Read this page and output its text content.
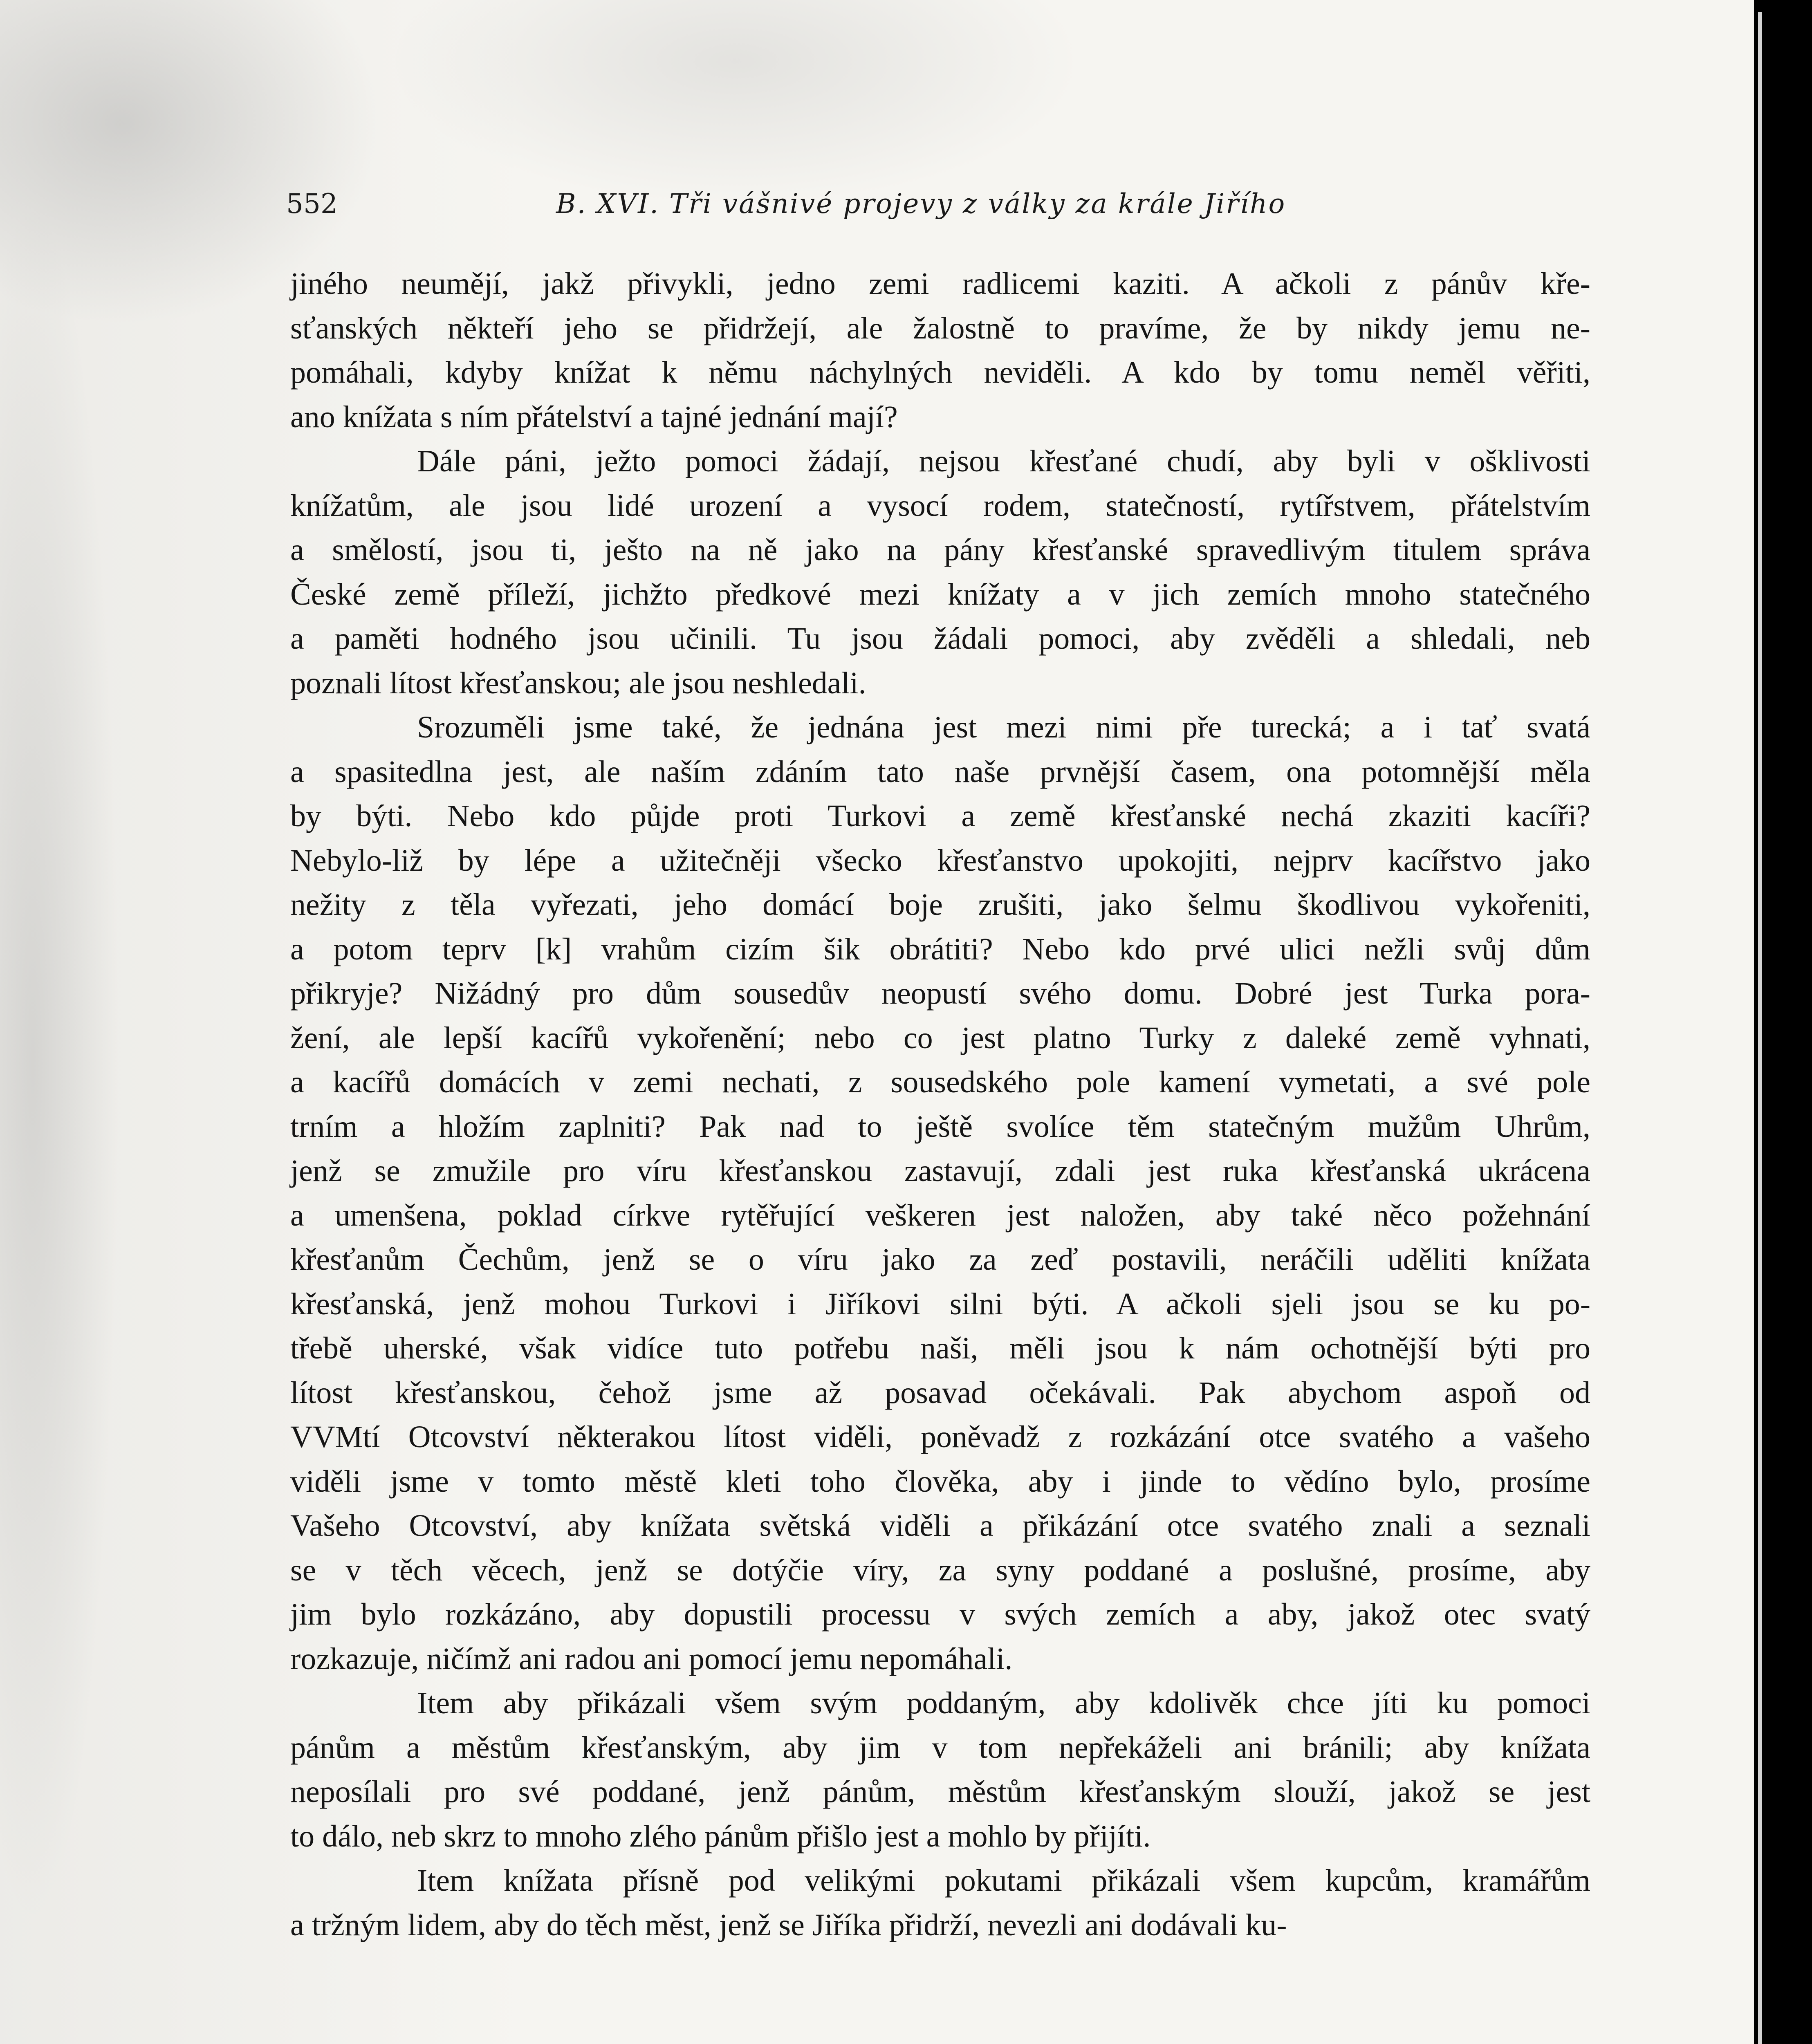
552	B. XVI. Tři vášnivé projevy z války za krále Jiřího
jiného neumějí, jakž přivykli, jedno zemi radlicemi kaziti. A ačkoli z pánův kře-
sťanských někteří jeho se přidržejí, ale žalostně to pravíme, že by nikdy jemu ne-
pomáhali, kdyby knížat k němu náchylných neviděli. A kdo by tomu neměl věřiti,
ano knížata s ním přátelství a tajné jednání mají?
Dále páni, ježto pomoci žádají, nejsou křesťané chudí, aby byli v ošklivosti
knížatům, ale jsou lidé urození a vysocí rodem, statečností, rytířstvem, přátelstvím
a smělostí, jsou ti, ješto na ně jako na pány křesťanské spravedlivým titulem správa
České země příleží, jichžto předkové mezi knížaty a v jich zemích mnoho statečného
a paměti hodného jsou učinili. Tu jsou žádali pomoci, aby zvěděli a shledali, neb
poznali lítost křesťanskou; ale jsou neshledali.
Srozuměli jsme také, že jednána jest mezi nimi pře turecká; a i tať svatá
a spasitedlna jest, ale naším zdáním tato naše prvnější časem, ona potomnější měla
by býti. Nebo kdo půjde proti Turkovi a země křesťanské nechá zkaziti kacíři?
Nebylo-liž by lépe a užitečněji všecko křesťanstvo upokojiti, nejprv kacířstvo jako
nežity z těla vyřezati, jeho domácí boje zrušiti, jako šelmu škodlivou vykořeniti,
a potom teprv [k] vrahům cizím šik obrátiti? Nebo kdo prvé ulici nežli svůj dům
přikryje? Nižádný pro dům sousedův neopustí svého domu. Dobré jest Turka pora-
žení, ale lepší kacířů vykořenění; nebo co jest platno Turky z daleké země vyhnati,
a kacířů domácích v zemi nechati, z sousedského pole kamení vymetati, a své pole
trním a hložím zaplniti? Pak nad to ještě svolíce těm statečným mužům Uhrům,
jenž se zmužile pro víru křesťanskou zastavují, zdali jest ruka křesťanská ukrácena
a umenšena, poklad církve rytěřující veškeren jest naložen, aby také něco požehnání
křesťanům Čechům, jenž se o víru jako za zeď postavili, neráčili uděliti knížata
křesťanská, jenž mohou Turkovi i Jiříkovi silni býti. A ačkoli sjeli jsou se ku po-
třebě uherské, však vidíce tuto potřebu naši, měli jsou k nám ochotnější býti pro
lítost křesťanskou, čehož jsme až posavad očekávali. Pak abychom aspoň od
VVMtí Otcovství některakou lítost viděli, poněvadž z rozkázání otce svatého a vašeho
viděli jsme v tomto městě kleti toho člověka, aby i jinde to vědíno bylo, prosíme
Vašeho Otcovství, aby knížata světská viděli a přikázání otce svatého znali a seznali
se v těch věcech, jenž se dotýčie víry, za syny poddané a poslušné, prosíme, aby
jim bylo rozkázáno, aby dopustili processu v svých zemích a aby, jakož otec svatý
rozkazuje, ničímž ani radou ani pomocí jemu nepomáhali.
Item aby přikázali všem svým poddaným, aby kdolivěk chce jíti ku pomoci
pánům a městům křesťanským, aby jim v tom nepřekáželi ani bránili; aby knížata
neposílali pro své poddané, jenž pánům, městům křesťanským slouží, jakož se jest
to dálo, neb skrz to mnoho zlého pánům přišlo jest a mohlo by přijíti.
Item knížata přísně pod velikými pokutami přikázali všem kupcům, kramářům
a tržným lidem, aby do těch měst, jenž se Jiříka přidrží, nevezli ani dodávali ku-
